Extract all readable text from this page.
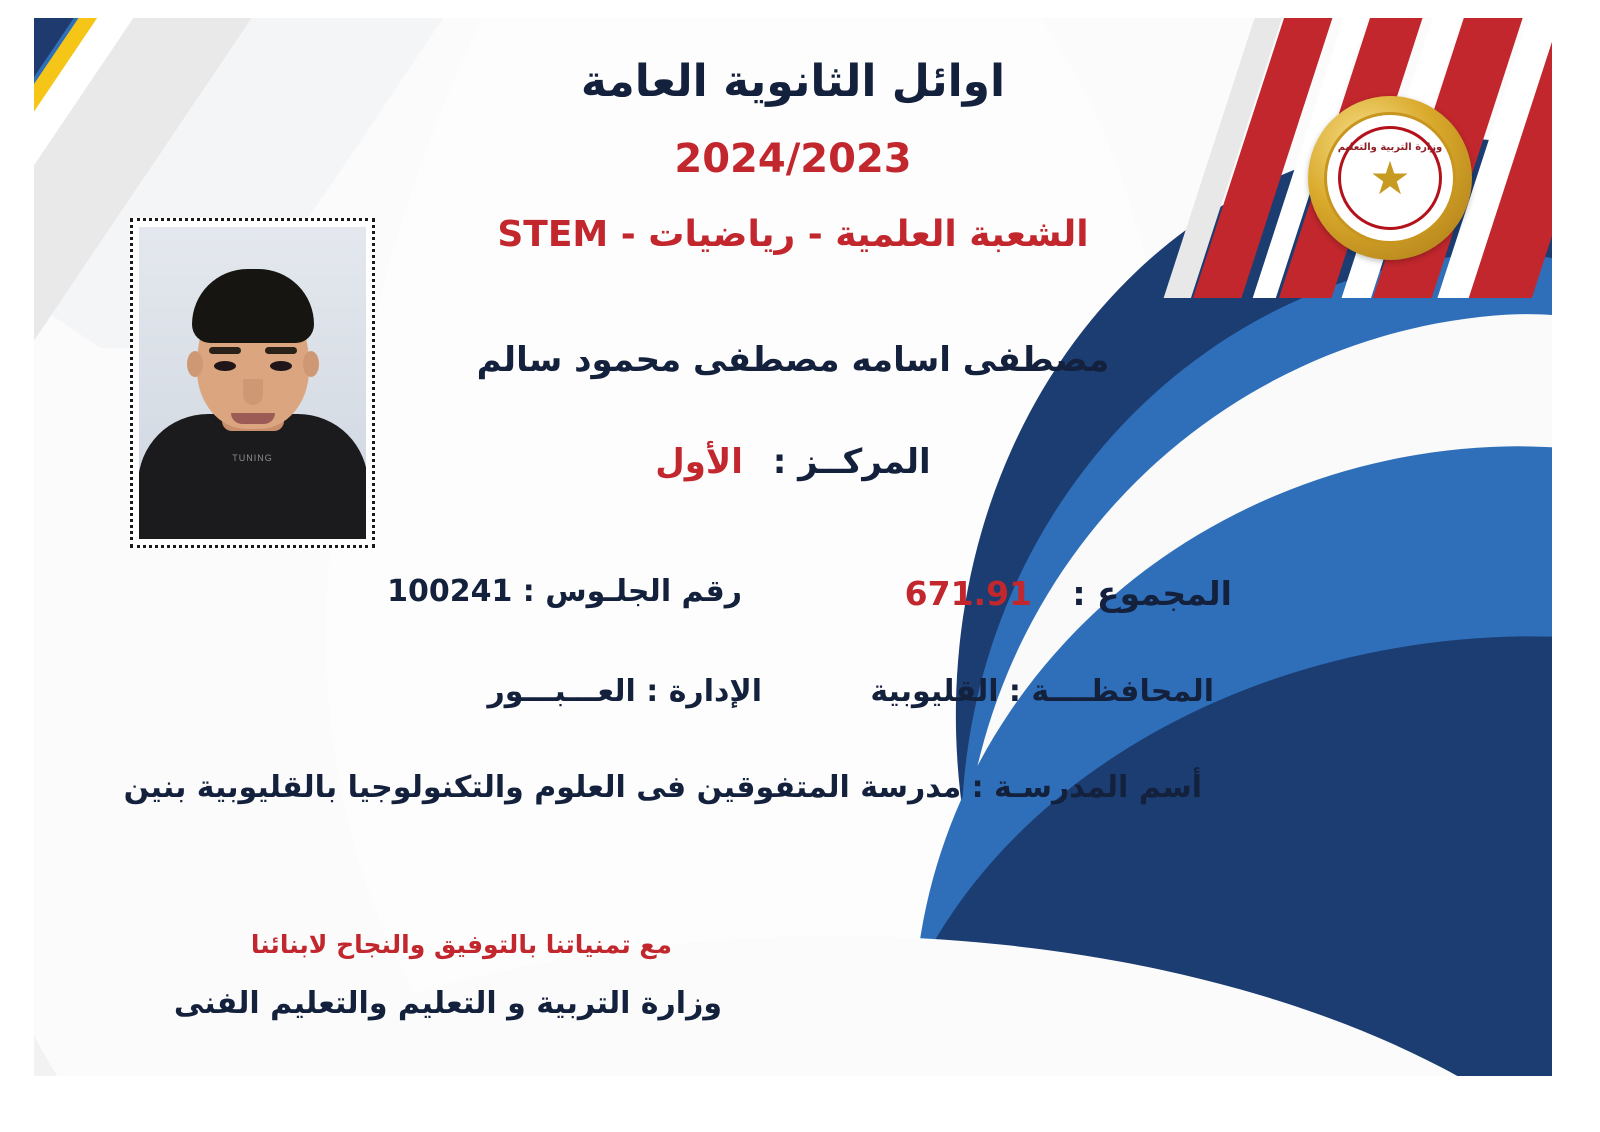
اوائل الثانوية العامة
2024/2023
الشعبة العلمية - رياضيات - STEM
مصطفى اسامه مصطفى محمود سالم
المركــز : الأول
TUNING
وزارة التربية والتعليم
★
المجموع :
671.91
رقم الجلـوس : 100241
المحافظــــة : القليوبية
الإدارة : العـــبـــور
أسم المدرسـة : مدرسة المتفوقين فى العلوم والتكنولوجيا بالقليوبية بنين
مع تمنياتنا بالتوفيق والنجاح لابنائنا
وزارة التربية و التعليم والتعليم الفنى
